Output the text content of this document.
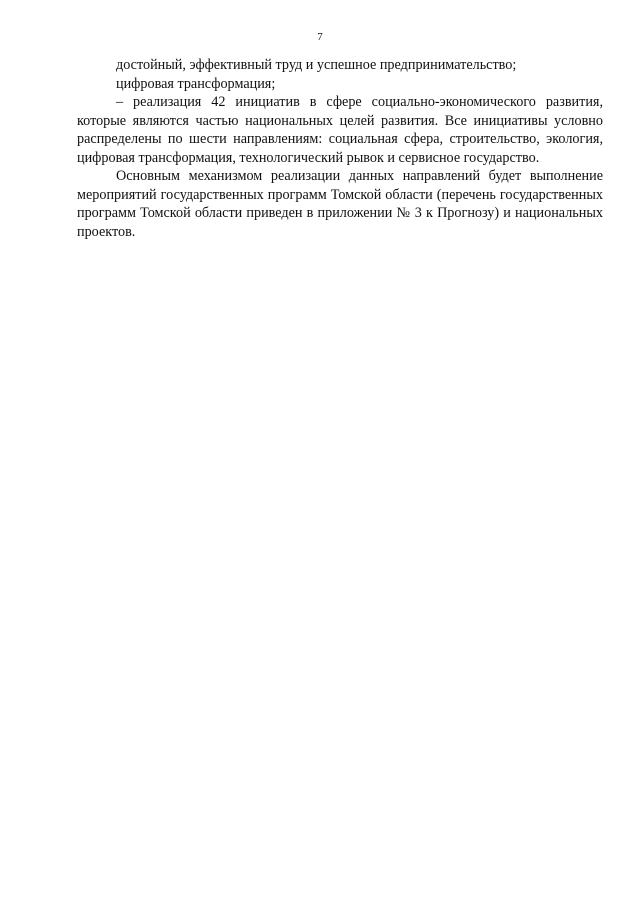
7

достойный, эффективный труд и успешное предпринимательство;

цифровая трансформация;

– реализация 42 инициатив в сфере социально-экономического развития, которые являются частью национальных целей развития. Все инициативы условно распределены по шести направлениям: социальная сфера, строительство, экология, цифровая трансформация, технологический рывок и сервисное государство.

Основным механизмом реализации данных направлений будет выполнение мероприятий государственных программ Томской области (перечень государственных программ Томской области приведен в приложении № 3 к Прогнозу) и национальных проектов.
